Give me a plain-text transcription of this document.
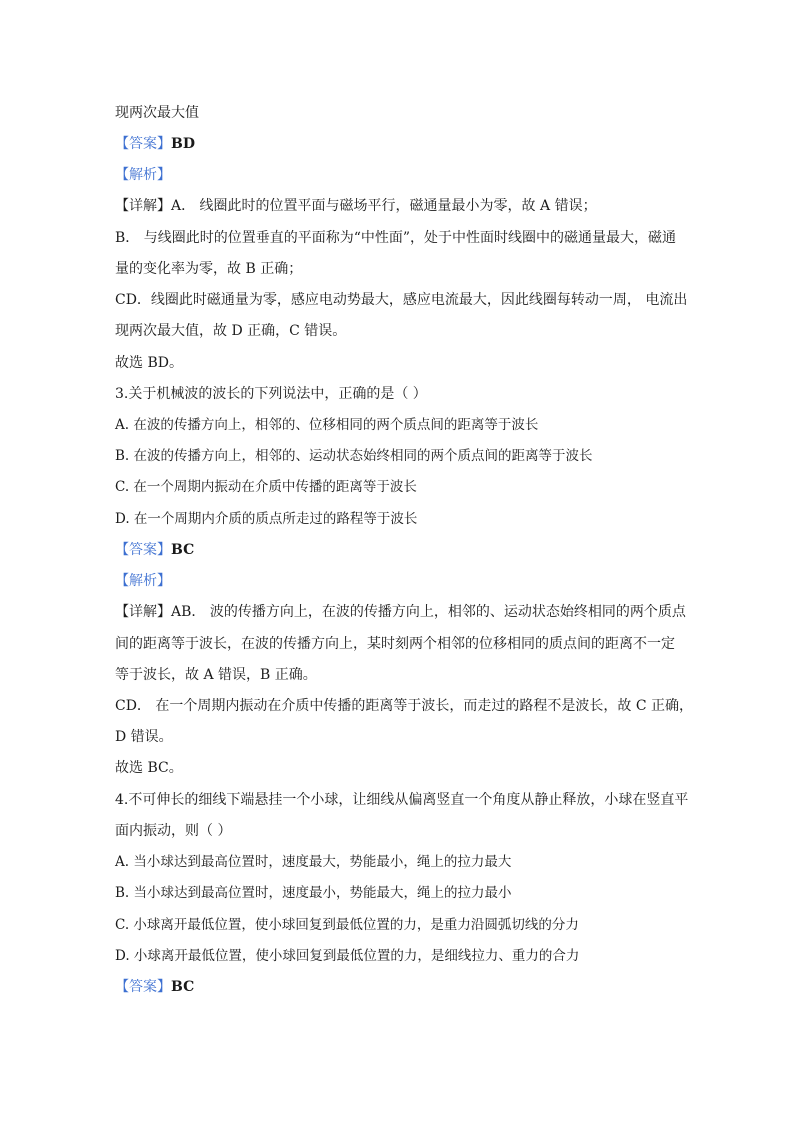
现两次最大值
【答案】BD
【解析】
【详解】A． 线圈此时的位置平面与磁场平行，磁通量最小为零，故 A 错误；
B． 与线圈此时的位置垂直的平面称为“中性面”，处于中性面时线圈中的磁通量最大，磁通
量的变化率为零，故 B 正确；
CD．线圈此时磁通量为零，感应电动势最大，感应电流最大，因此线圈每转动一周， 电流出
现两次最大值，故 D 正确，C 错误。
故选 BD。
3.关于机械波的波长的下列说法中，正确的是（ ）
A. 在波的传播方向上，相邻的、位移相同的两个质点间的距离等于波长
B. 在波的传播方向上，相邻的、运动状态始终相同的两个质点间的距离等于波长
C. 在一个周期内振动在介质中传播的距离等于波长
D. 在一个周期内介质的质点所走过的路程等于波长
【答案】BC
【解析】
【详解】AB． 波的传播方向上，在波的传播方向上，相邻的、运动状态始终相同的两个质点
间的距离等于波长，在波的传播方向上，某时刻两个相邻的位移相同的质点间的距离不一定
等于波长，故 A 错误，B 正确。
CD． 在一个周期内振动在介质中传播的距离等于波长，而走过的路程不是波长，故 C 正确，
D 错误。
故选 BC。
4.不可伸长的细线下端悬挂一个小球，让细线从偏离竖直一个角度从静止释放，小球在竖直平
面内振动，则（ ）
A. 当小球达到最高位置时，速度最大，势能最小，绳上的拉力最大
B. 当小球达到最高位置时，速度最小，势能最大，绳上的拉力最小
C. 小球离开最低位置，使小球回复到最低位置的力，是重力沿圆弧切线的分力
D. 小球离开最低位置，使小球回复到最低位置的力，是细线拉力、重力的合力
【答案】BC
